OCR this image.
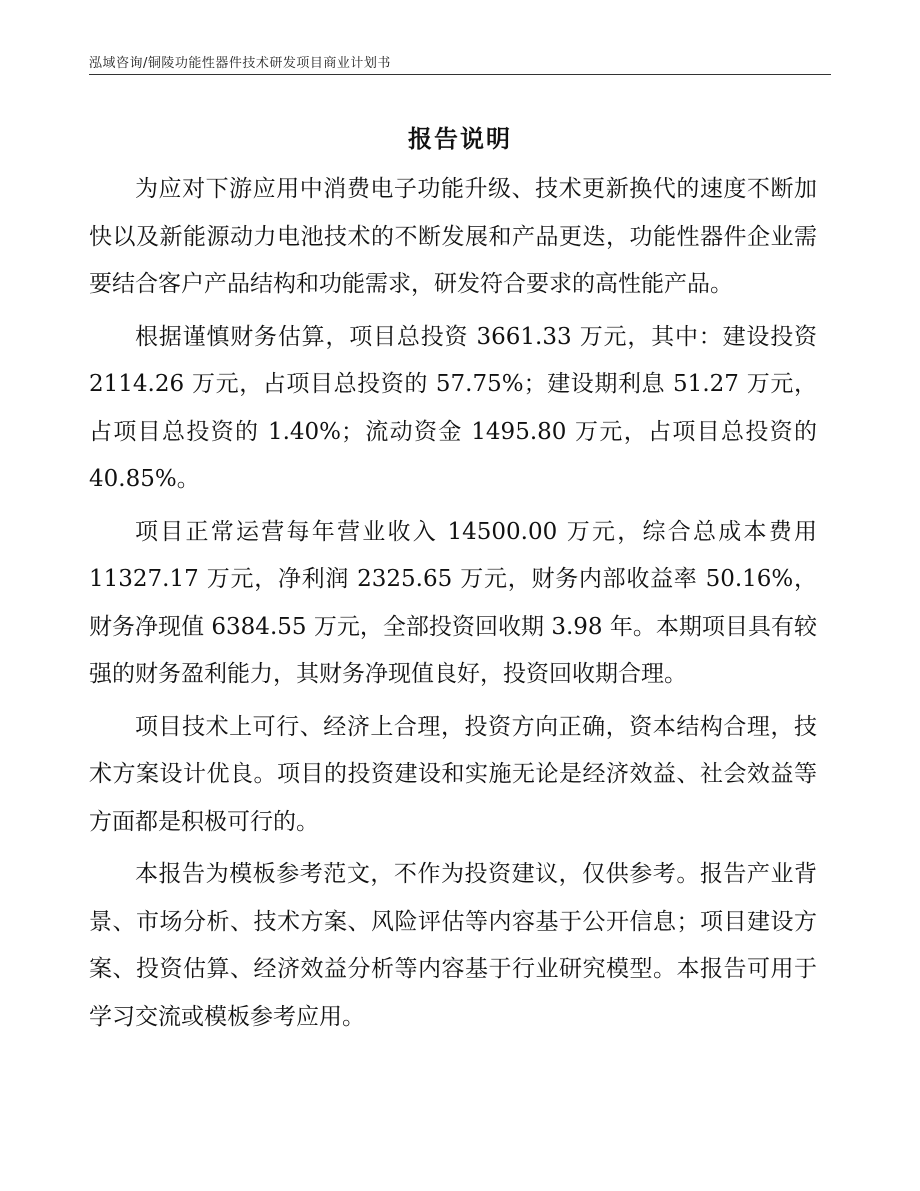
泓域咨询/铜陵功能性器件技术研发项目商业计划书
报告说明

为应对下游应用中消费电子功能升级、技术更新换代的速度不断加快以及新能源动力电池技术的不断发展和产品更迭，功能性器件企业需要结合客户产品结构和功能需求，研发符合要求的高性能产品。

根据谨慎财务估算，项目总投资 3661.33 万元，其中：建设投资 2114.26 万元，占项目总投资的 57.75%；建设期利息 51.27 万元，占项目总投资的 1.40%；流动资金 1495.80 万元，占项目总投资的 40.85%。

项目正常运营每年营业收入 14500.00 万元，综合总成本费用 11327.17 万元，净利润 2325.65 万元，财务内部收益率 50.16%，财务净现值 6384.55 万元，全部投资回收期 3.98 年。本期项目具有较强的财务盈利能力，其财务净现值良好，投资回收期合理。

项目技术上可行、经济上合理，投资方向正确，资本结构合理，技术方案设计优良。项目的投资建设和实施无论是经济效益、社会效益等方面都是积极可行的。

本报告为模板参考范文，不作为投资建议，仅供参考。报告产业背景、市场分析、技术方案、风险评估等内容基于公开信息；项目建设方案、投资估算、经济效益分析等内容基于行业研究模型。本报告可用于学习交流或模板参考应用。
